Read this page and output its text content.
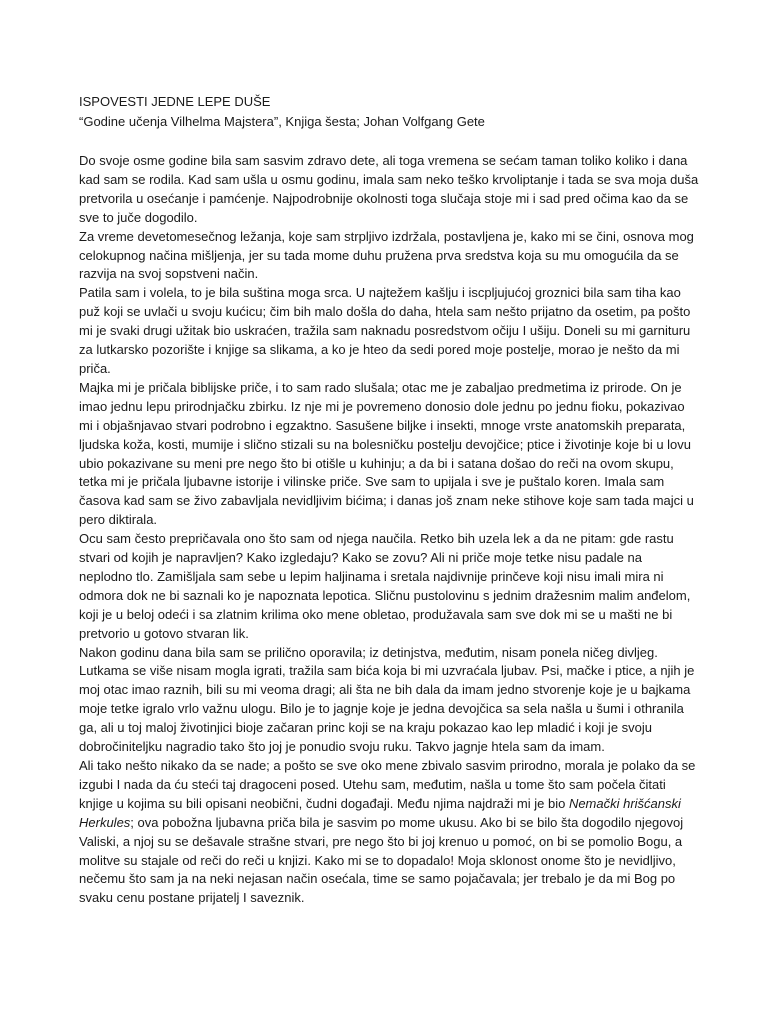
ISPOVESTI JEDNE LEPE DUŠE
“Godine učenja Vilhelma Majstera”, Knjiga šesta; Johan Volfgang Gete

Do svoje osme godine bila sam sasvim zdravo dete, ali toga vremena se sećam taman toliko koliko i dana kad sam se rodila. Kad sam ušla u osmu godinu, imala sam neko teško krvoliptanje i tada se sva moja duša pretvorila u osećanje i pamćenje. Najpodrobnije okolnosti toga slučaja stoje mi i sad pred očima kao da se sve to juče dogodilo.

Za vreme devetomesečnog ležanja, koje sam strpljivo izdržala, postavljena je, kako mi se čini, osnova mog celokupnog načina mišljenja, jer su tada mome duhu pružena prva sredstva koja su mu omogućila da se razvija na svoj sopstveni način.

Patila sam i volela, to je bila suština moga srca. U najtežem kašlju i iscpljujućoj groznici bila sam tiha kao puž koji se uvlači u svoju kućicu; čim bih malo došla do daha, htela sam nešto prijatno da osetim, pa pošto mi je svaki drugi užitak bio uskraćen, tražila sam naknadu posredstvom očiju I ušiju. Doneli su mi garnituru za lutkarsko pozorište i knjige sa slikama, a ko je hteo da sedi pored moje postelje, morao je nešto da mi priča.

Majka mi je pričala biblijske priče, i to sam rado slušala; otac me je zabaljao predmetima iz prirode. On je imao jednu lepu prirodnjačku zbirku. Iz nje mi je povremeno donosio dole jednu po jednu fioku, pokazivao mi i objašnjavao stvari podrobno i egzaktno. Sasušene biljke i insekti, mnoge vrste anatomskih preparata, ljudska koža, kosti, mumije i slično stizali su na bolesničku postelju devojčice; ptice i životinje koje bi u lovu ubio pokazivane su meni pre nego što bi otišle u kuhinju; a da bi i satana došao do reči na ovom skupu, tetka mi je pričala ljubavne istorije i vilinske priče. Sve sam to upijala i sve je puštalo koren. Imala sam časova kad sam se živo zabavljala nevidljivim bićima; i danas još znam neke stihove koje sam tada majci u pero diktirala.

Ocu sam često prepričavala ono što sam od njega naučila. Retko bih uzela lek a da ne pitam: gde rastu stvari od kojih je napravljen? Kako izgledaju? Kako se zovu? Ali ni priče moje tetke nisu padale na neplodno tlo. Zamišljala sam sebe u lepim haljinama i sretala najdivnije prinčeve koji nisu imali mira ni odmora dok ne bi saznali ko je napoznata lepotica. Sličnu pustolovinu s jednim dražesnim malim anđelom, koji je u beloj odeći i sa zlatnim krilima oko mene obletao, produžavala sam sve dok mi se u mašti ne bi pretvorio u gotovo stvaran lik.

Nakon godinu dana bila sam se prilično oporavila; iz detinjstva, međutim, nisam ponela ničeg divljeg. Lutkama se više nisam mogla igrati, tražila sam bića koja bi mi uzvraćala ljubav. Psi, mačke i ptice, a njih je moj otac imao raznih, bili su mi veoma dragi; ali šta ne bih dala da imam jedno stvorenje koje je u bajkama moje tetke igralo vrlo važnu ulogu. Bilo je to jagnje koje je jedna devojčica sa sela našla u šumi i othranila ga, ali u toj maloj životinjici bioje začaran princ koji se na kraju pokazao kao lep mladić i koji je svoju dobročiniteljku nagradio tako što joj je ponudio svoju ruku. Takvo jagnje htela sam da imam.

Ali tako nešto nikako da se nade; a pošto se sve oko mene zbivalo sasvim prirodno, morala je polako da se izgubi I nada da ću steći taj dragoceni posed. Utehu sam, međutim, našla u tome što sam počela čitati knjige u kojima su bili opisani neobični, čudni događaji. Među njima najdraži mi je bio Nemački hrišćanski Herkules; ova pobožna ljubavna priča bila je sasvim po mome ukusu. Ako bi se bilo šta dogodilo njegovoj Valiski, a njoj su se dešavale strašne stvari, pre nego što bi joj krenuo u pomoć, on bi se pomolio Bogu, a molitve su stajale od reči do reči u knjizi. Kako mi se to dopadalo! Moja sklonost onome što je nevidljivo, nečemu što sam ja na neki nejasan način osećala, time se samo pojačavala; jer trebalo je da mi Bog po svaku cenu postane prijatelj I saveznik.
